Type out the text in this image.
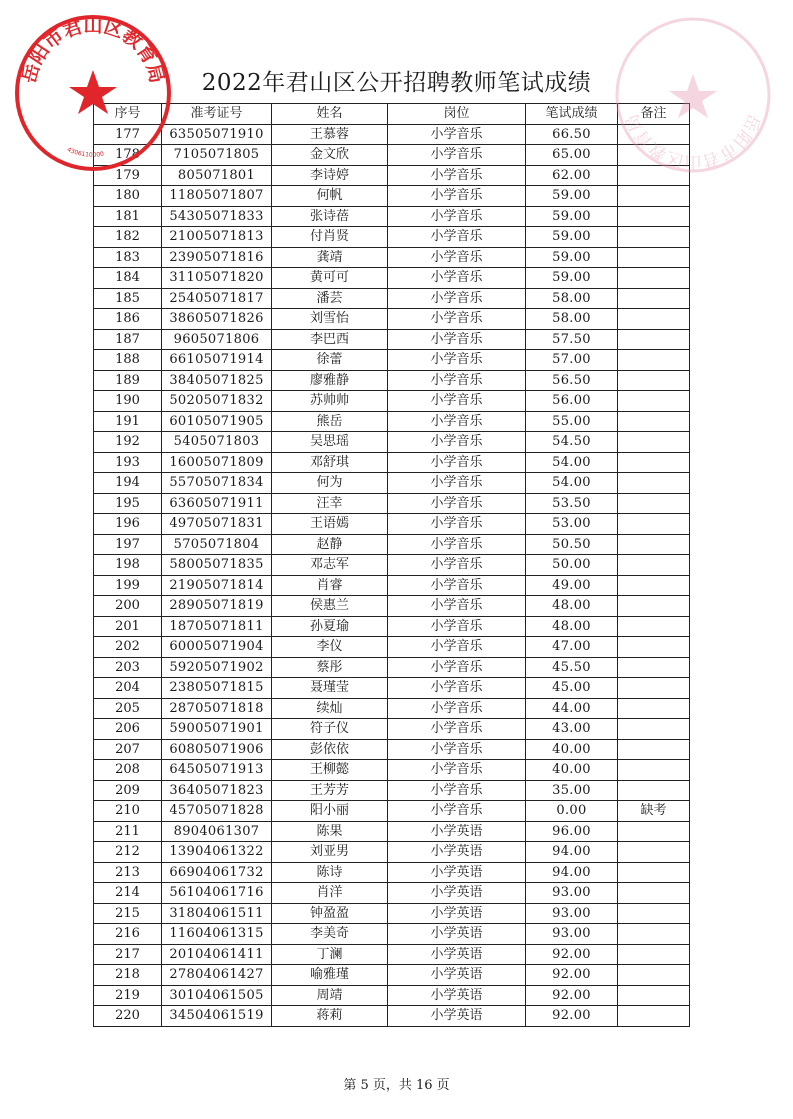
2022年君山区公开招聘教师笔试成绩
序号	准考证号	姓名	岗位	笔试成绩	备注
177	63505071910	王慕蓉	小学音乐	66.50	
178	7105071805	金文欣	小学音乐	65.00	
179	805071801	李诗婷	小学音乐	62.00	
180	11805071807	何帆	小学音乐	59.00	
181	54305071833	张诗蓓	小学音乐	59.00	
182	21005071813	付肖贤	小学音乐	59.00	
183	23905071816	龚靖	小学音乐	59.00	
184	31105071820	黄可可	小学音乐	59.00	
185	25405071817	潘芸	小学音乐	58.00	
186	38605071826	刘雪怡	小学音乐	58.00	
187	9605071806	李巴西	小学音乐	57.50	
188	66105071914	徐蕾	小学音乐	57.00	
189	38405071825	廖雅静	小学音乐	56.50	
190	50205071832	苏帅帅	小学音乐	56.00	
191	60105071905	熊岳	小学音乐	55.00	
192	5405071803	吴思瑶	小学音乐	54.50	
193	16005071809	邓舒琪	小学音乐	54.00	
194	55705071834	何为	小学音乐	54.00	
195	63605071911	汪幸	小学音乐	53.50	
196	49705071831	王语嫣	小学音乐	53.00	
197	5705071804	赵静	小学音乐	50.50	
198	58005071835	邓志军	小学音乐	50.00	
199	21905071814	肖睿	小学音乐	49.00	
200	28905071819	侯惠兰	小学音乐	48.00	
201	18705071811	孙夏瑜	小学音乐	48.00	
202	60005071904	李仪	小学音乐	47.00	
203	59205071902	蔡彤	小学音乐	45.50	
204	23805071815	聂瑾莹	小学音乐	45.00	
205	28705071818	续灿	小学音乐	44.00	
206	59005071901	符子仪	小学音乐	43.00	
207	60805071906	彭依依	小学音乐	40.00	
208	64505071913	王柳懿	小学音乐	40.00	
209	36405071823	王芳芳	小学音乐	35.00	
210	45705071828	阳小丽	小学音乐	0.00	缺考
211	8904061307	陈果	小学英语	96.00	
212	13904061322	刘亚男	小学英语	94.00	
213	66904061732	陈诗	小学英语	94.00	
214	56104061716	肖洋	小学英语	93.00	
215	31804061511	钟盈盈	小学英语	93.00	
216	11604061315	李美奇	小学英语	93.00	
217	20104061411	丁澜	小学英语	92.00	
218	27804061427	喻雅瑾	小学英语	92.00	
219	30104061505	周靖	小学英语	92.00	
220	34504061519	蒋莉	小学英语	92.00	
第 5 页，共 16 页
岳阳市君山区教育局
4306110000
岳阳市君山区教育局
